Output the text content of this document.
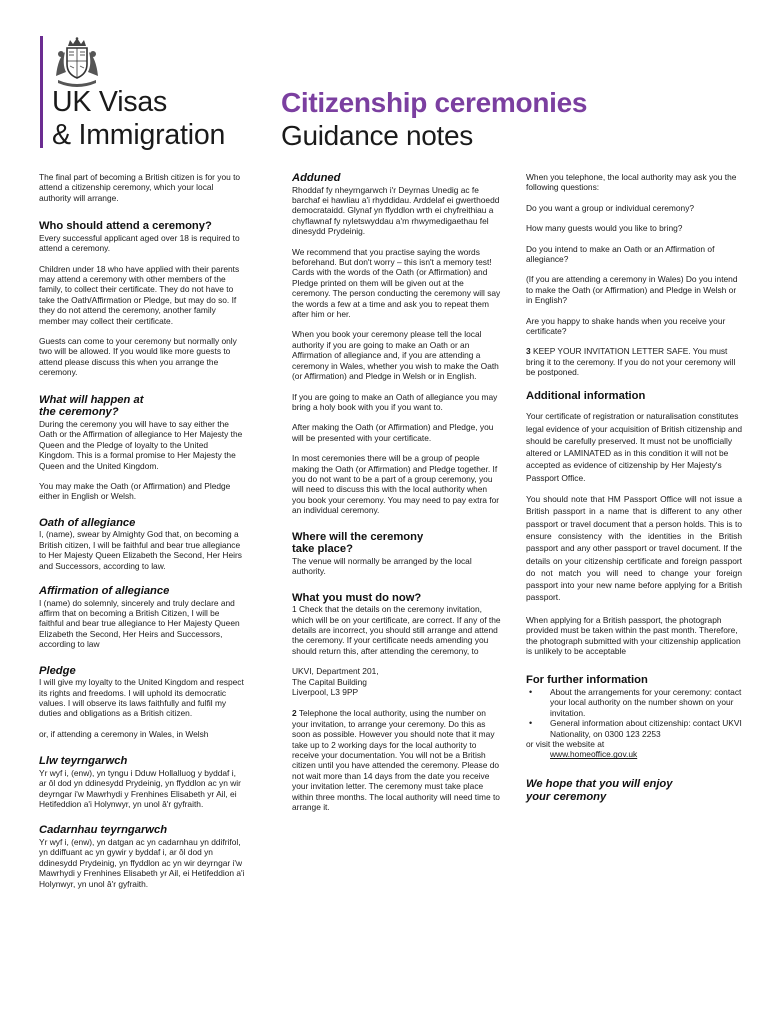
UK Visas
& Immigration
Citizenship ceremonies
Guidance notes

The final part of becoming a British citizen is for you to attend a citizenship ceremony, which your local authority will arrange.

Who should attend a ceremony?

Every successful applicant aged over 18 is required to attend a ceremony.

Children under 18 who have applied with their parents may attend a ceremony with other members of the family, to collect their certificate. They do not have to take the Oath/Affirmation or Pledge, but may do so. If they do not attend the ceremony, another family member may collect their certificate.

Guests can come to your ceremony but normally only two will be allowed. If you would like more guests to attend please discuss this when you arrange the ceremony.

What will happen at
the ceremony?

During the ceremony you will have to say either the Oath or the Affirmation of allegiance to Her Majesty the Queen and the Pledge of loyalty to the United Kingdom. This is a formal promise to Her Majesty the Queen and the United Kingdom.

You may make the Oath (or Affirmation) and Pledge either in English or Welsh.

Oath of allegiance

I, (name), swear by Almighty God that, on becoming a British citizen, I will be faithful and bear true allegiance to Her Majesty Queen Elizabeth the Second, Her Heirs and Successors, according to law.

Affirmation of allegiance

I (name) do solemnly, sincerely and truly declare and affirm that on becoming a British Citizen, I will be faithful and bear true allegiance to Her Majesty Queen Elizabeth the Second, Her Heirs and Successors, according to law

Pledge

I will give my loyalty to the United Kingdom and respect its rights and freedoms. I will uphold its democratic values. I will observe its laws faithfully and fulfil my duties and obligations as a British citizen.

or, if attending a ceremony in Wales, in Welsh

Llw teyrngarwch

Yr wyf i, (enw), yn tyngu i Dduw Hollalluog y byddaf i, ar ôl dod yn ddinesydd Prydeinig, yn ffyddlon ac yn wir deyrngar i'w Mawrhydi y Frenhines Elisabeth yr Ail, ei Hetifeddion a'i Holynwyr, yn unol â'r gyfraith.

Cadarnhau teyrngarwch

Yr wyf i, (enw), yn datgan ac yn cadarnhau yn ddifrifol, yn ddiffuant ac yn gywir y byddaf i, ar ôl dod yn ddinesydd Prydeinig, yn ffyddlon ac yn wir deyrngar i'w Mawrhydi y Frenhines Elisabeth yr Ail, ei Hetifeddion a'i Holynwyr, yn unol â'r gyfraith.

Adduned

Rhoddaf fy nheyrngarwch i'r Deyrnas Unedig ac fe barchaf ei hawliau a'i rhyddidau. Arddelaf ei gwerthoedd democrataidd. Glynaf yn ffyddlon wrth ei chyfreithiau a chyflawnaf fy nyletswyddau a'm rhwymedigaethau fel dinesydd Prydeinig.

We recommend that you practise saying the words beforehand. But don't worry – this isn't a memory test! Cards with the words of the Oath (or Affirmation) and Pledge printed on them will be given out at the ceremony. The person conducting the ceremony will say the words a few at a time and ask you to repeat them after him or her.

When you book your ceremony please tell the local authority if you are going to make an Oath or an Affirmation of allegiance and, if you are attending a ceremony in Wales, whether you wish to make the Oath (or Affirmation) and Pledge in Welsh or in English.

If you are going to make an Oath of allegiance you may bring a holy book with you if you want to.

After making the Oath (or Affirmation) and Pledge, you will be presented with your certificate.

In most ceremonies there will be a group of people making the Oath (or Affirmation) and Pledge together. If you do not want to be a part of a group ceremony, you will need to discuss this with the local authority when you book your ceremony. You may need to pay extra for an individual ceremony.

Where will the ceremony
take place?

The venue will normally be arranged by the local authority.

What you must do now?

1 Check that the details on the ceremony invitation, which will be on your certificate, are correct. If any of the details are incorrect, you should still arrange and attend the ceremony. If your certificate needs amending you should return this, after attending the ceremony, to

UKVI, Department 201,

The Capital Building

Liverpool, L3 9PP

2 Telephone the local authority, using the number on your invitation, to arrange your ceremony. Do this as soon as possible. However you should note that it may take up to 2 working days for the local authority to receive your documentation. You will not be a British citizen until you have attended the ceremony. Please do not wait more than 14 days from the date you receive your invitation letter. The ceremony must take place within three months. The local authority will need time to arrange it.

When you telephone, the local authority may ask you the following questions:

Do you want a group or individual ceremony?

How many guests would you like to bring?

Do you intend to make an Oath or an Affirmation of allegiance?

(If you are attending a ceremony in Wales) Do you intend to make the Oath (or Affirmation) and Pledge in Welsh or in English?

Are you happy to shake hands when you receive your certificate?

3 KEEP YOUR INVITATION LETTER SAFE. You must bring it to the ceremony. If you do not your ceremony will be postponed.

Additional information

Your certificate of registration or naturalisation constitutes legal evidence of your acquisition of British citizenship and should be carefully preserved. It must not be unofficially altered or LAMINATED as in this condition it will not be accepted as evidence of citizenship by Her Majesty's Passport Office.

You should note that HM Passport Office will not issue a British passport in a name that is different to any other passport or travel document that a person holds. This is to ensure consistency with the identities in the British passport and any other passport or travel document. If the details on your citizenship certificate and foreign passport do not match you will need to change your foreign passport into your new name before applying for a British passport.

When applying for a British passport, the photograph provided must be taken within the past month. Therefore, the photograph submitted with your citizenship application is unlikely to be acceptable

For further information
• About the arrangements for your ceremony: contact your local authority on the number shown on your invitation.
• General information about citizenship: contact UKVI Nationality, on 0300 123 2253

or visit the website at

www.homeoffice.gov.uk

We hope that you will enjoy
your ceremony
